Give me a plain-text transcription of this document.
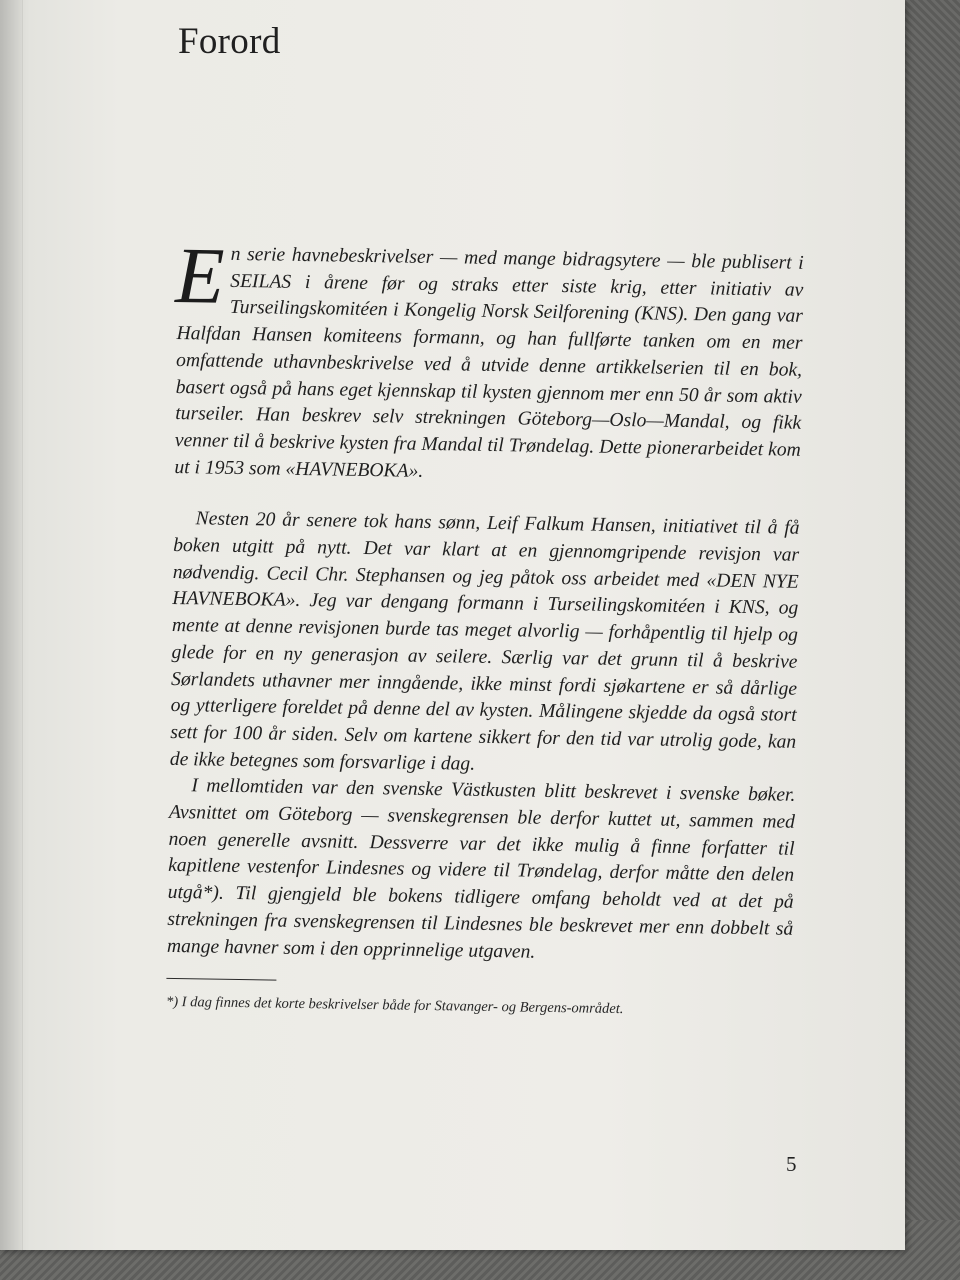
Forord

En serie havnebeskrivelser — med mange bidragsytere — ble publisert i SEILAS i årene før og straks etter siste krig, etter initiativ av Turseilingskomitéen i Kongelig Norsk Seilforening (KNS). Den gang var Halfdan Hansen komiteens formann, og han fullførte tanken om en mer omfattende uthavnbeskrivelse ved å utvide denne artikkelserien til en bok, basert også på hans eget kjennskap til kysten gjennom mer enn 50 år som aktiv turseiler. Han beskrev selv strekningen Göteborg—Oslo—Mandal, og fikk venner til å beskrive kysten fra Mandal til Trøndelag. Dette pionerarbeidet kom ut i 1953 som «HAVNEBOKA».

Nesten 20 år senere tok hans sønn, Leif Falkum Hansen, initiativet til å få boken utgitt på nytt. Det var klart at en gjennomgripende revisjon var nødvendig. Cecil Chr. Stephansen og jeg påtok oss arbeidet med «DEN NYE HAVNEBOKA». Jeg var dengang formann i Turseilingskomitéen i KNS, og mente at denne revisjonen burde tas meget alvorlig — forhåpentlig til hjelp og glede for en ny generasjon av seilere. Særlig var det grunn til å beskrive Sørlandets uthavner mer inngående, ikke minst fordi sjøkartene er så dårlige og ytterligere foreldet på denne del av kysten. Målingene skjedde da også stort sett for 100 år siden. Selv om kartene sikkert for den tid var utrolig gode, kan de ikke betegnes som forsvarlige i dag.

I mellomtiden var den svenske Västkusten blitt beskrevet i svenske bøker. Avsnittet om Göteborg — svenskegrensen ble derfor kuttet ut, sammen med noen generelle avsnitt. Dessverre var det ikke mulig å finne forfatter til kapitlene vestenfor Lindesnes og videre til Trøndelag, derfor måtte den delen utgå*). Til gjengjeld ble bokens tidligere omfang beholdt ved at det på strekningen fra svenskegrensen til Lindesnes ble beskrevet mer enn dobbelt så mange havner som i den opprinnelige utgaven.

*) I dag finnes det korte beskrivelser både for Stavanger- og Bergens-området.

5
